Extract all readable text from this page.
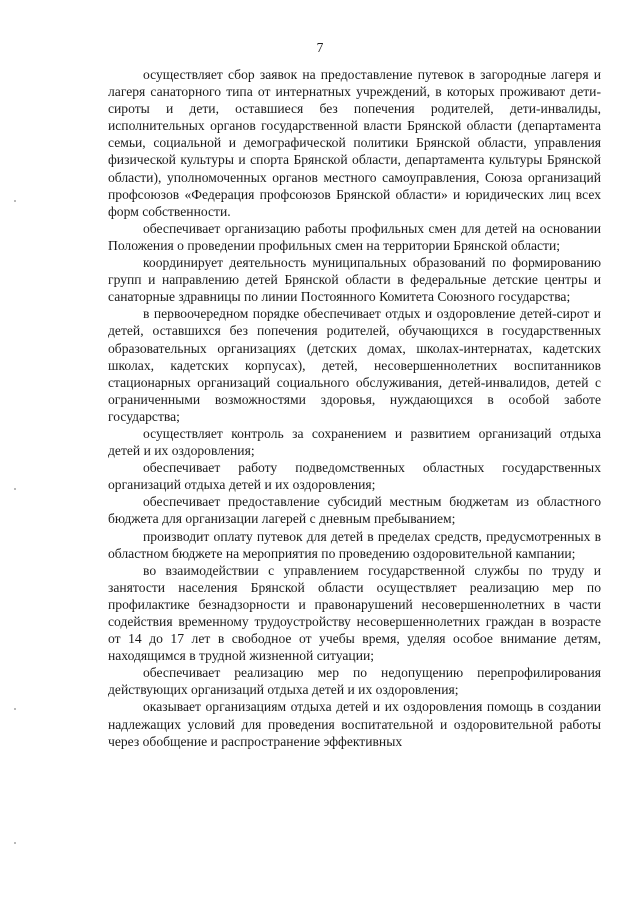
7

осуществляет сбор заявок на предоставление путевок в загородные лагеря и лагеря санаторного типа от интернатных учреждений, в которых проживают дети-сироты и дети, оставшиеся без попечения родителей, дети-инвалиды, исполнительных органов государственной власти Брянской области (департамента семьи, социальной и демографической политики Брянской области, управления физической культуры и спорта Брянской области, департамента культуры Брянской области), уполномоченных органов местного самоуправления, Союза организаций профсоюзов «Федерация профсоюзов Брянской области» и юридических лиц всех форм собственности.

обеспечивает организацию работы профильных смен для детей на основании Положения о проведении профильных смен на территории Брянской области;

координирует деятельность муниципальных образований по формированию групп и направлению детей Брянской области в федеральные детские центры и санаторные здравницы по линии Постоянного Комитета Союзного государства;

в первоочередном порядке обеспечивает отдых и оздоровление детей-сирот и детей, оставшихся без попечения родителей, обучающихся в государственных образовательных организациях (детских домах, школах-интернатах, кадетских школах, кадетских корпусах), детей, несовершеннолетних воспитанников стационарных организаций социального обслуживания, детей-инвалидов, детей с ограниченными возможностями здоровья, нуждающихся в особой заботе государства;

осуществляет контроль за сохранением и развитием организаций отдыха детей и их оздоровления;

обеспечивает работу подведомственных областных государственных организаций отдыха детей и их оздоровления;

обеспечивает предоставление субсидий местным бюджетам из областного бюджета для организации лагерей с дневным пребыванием;

производит оплату путевок для детей в пределах средств, предусмотренных в областном бюджете на мероприятия по проведению оздоровительной кампании;

во взаимодействии с управлением государственной службы по труду и занятости населения Брянской области осуществляет реализацию мер по профилактике безнадзорности и правонарушений несовершеннолетних в части содействия временному трудоустройству несовершеннолетних граждан в возрасте от 14 до 17 лет в свободное от учебы время, уделяя особое внимание детям, находящимся в трудной жизненной ситуации;

обеспечивает реализацию мер по недопущению перепрофилирования действующих организаций отдыха детей и их оздоровления;

оказывает организациям отдыха детей и их оздоровления помощь в создании надлежащих условий для проведения воспитательной и оздоровительной работы через обобщение и распространение эффективных
